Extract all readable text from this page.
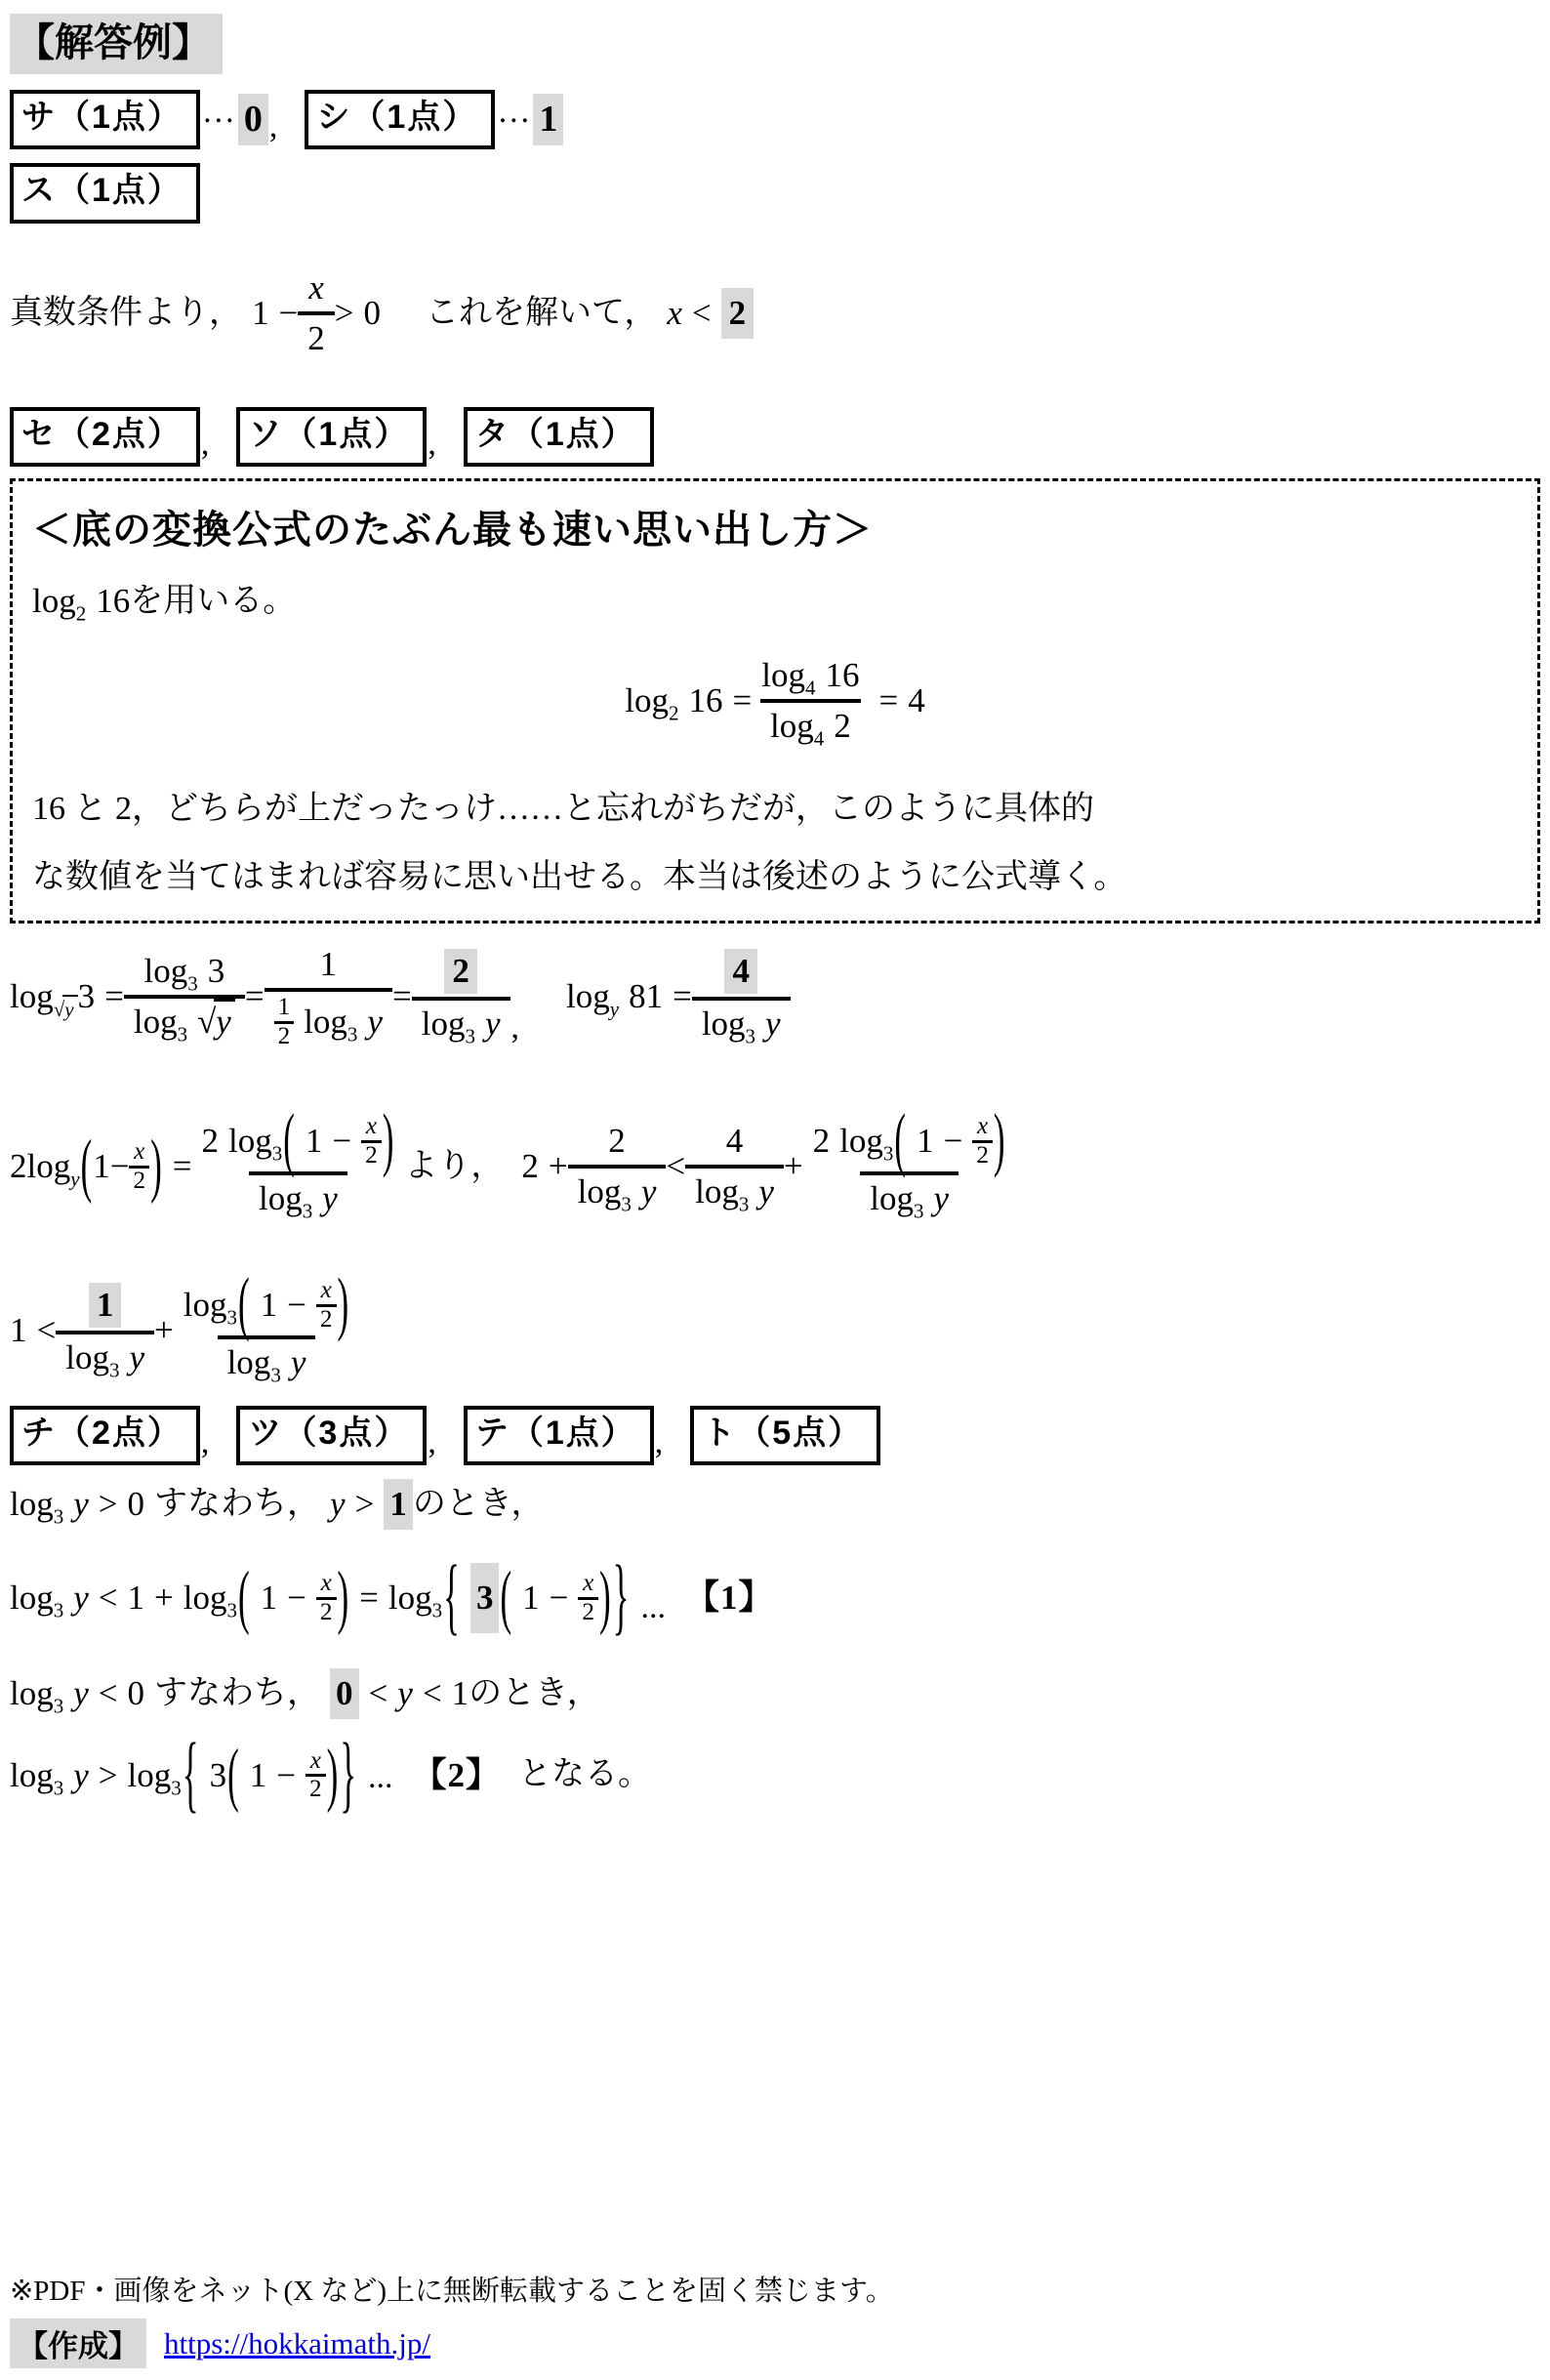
【解答例】
サ（1点） … 0 ,	シ（1点） … 1
ス（1点）
真数条件より， $1 - \frac{x}{2} > 0$ これを解いて， x < 2
セ（2点） ,	ソ（1点） ,	タ（1点）
＜底の変換公式のたぶん最も速い思い出し方＞
$\log_2 16$ を用いる。
$\log_2 16 = \frac{\log_4 16}{\log_4 2} = 4$

16 と 2，どちらが上だったっけ……と忘れがちだが，このように具体的

な数値を当てはまれば容易に思い出せる。本当は後述のように公式導く。

$\log_{√y} 3 = \frac{\log_3 3}{\log_3 √y} = 1$
1
2 $\log_3 y = \frac{2}{\log_3 y}$ ,
$\log_y 81 = \frac{4}{\log_3 y}$
2 $\log_y$ ( $1 - \frac{x}{2}$ ) =
2 $\log_3$ ( 1 − x
2 )
$\log_3 y$
より， $2 + \frac{2}{\log_3 y} < \frac{4}{\log_3 y}$ +
2 $\log_3$ ( 1 − x
2 )
$\log_3 y$
$1 < \frac{1}{\log_3 y}$ +
$\log_3$ ( 1 − x
2 )
$\log_3 y$
チ（2点） ,	ツ（3点） ,	テ（1点） ,	ト（5点）
$\log_3 y > 0$ すなわち， y > 1 のとき，
$\log_3 y < 1 + \log_3$ ( 1 − x
2 ) = $\log_3$ { 3 ( 1 − x
2 ) } ... 【1】
$\log_3 y < 0$ すなわち， 0 < y < 1 のとき，
$\log_3 y > \log_3$ { 3 ( 1 − x
2 ) } ... 【2】 となる。
※PDF・画像をネット(X など)上に無断転載することを固く禁じます。
【作成】 https://hokkaimath.jp/
